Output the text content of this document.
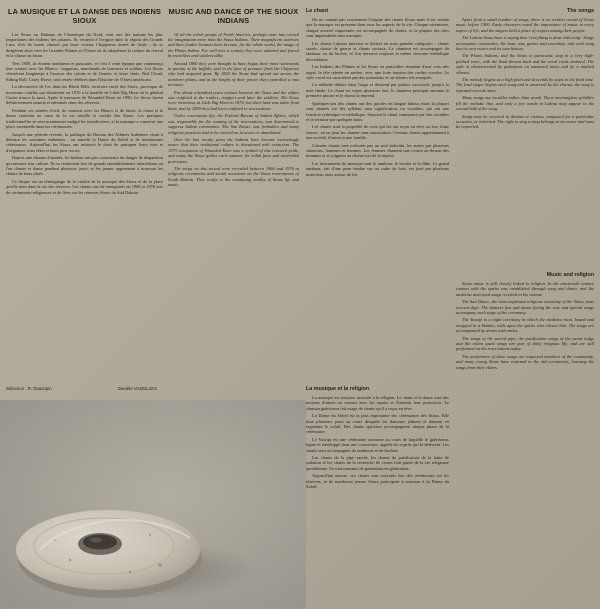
LA MUSIQUE ET LA DANSE DES INDIENS SIOUX

Les Sioux ou Dakotas de l'Amérique du Nord, sont une des nations les plus importantes des Indiens des plaines. Ils vivaient à l'origine dans la région des Grands Lacs, d'où ils furent chassés par leurs voisins Chippewas armés de fusils ; ils se dirigèrent alors vers les Grandes Plaines et l'Ouest où ils adoptèrent la culture du cheval et la chasse au bison.

Vers 1800, ils étaient nombreux et puissants, et c'est à cette époque que commença leur contact avec les Blancs : trappeurs, marchands de fourrures et soldats. Les Sioux résistèrent longtemps à l'avance des colons et de l'armée, et leurs chefs, Red Cloud, Sitting Bull, Crazy Horse, sont restés célèbres dans l'histoire de l'Ouest américain.

La découverte de l'or dans les Black Hills, territoire sacré des Sioux, provoqua de nouveaux conflits qui aboutirent en 1876 à la bataille de Little Big Horn où le général Custer trouva la mort. Après le massacre de Wounded Knee en 1890, les Sioux furent définitivement soumis et enfermés dans des réserves.

Pendant ces années d'exil, de contacts avec les Blancs et de luttes, le chant et la danse restèrent au cœur de la vie rituelle et sociale des Sioux. Les pratiques traditionnelles se sont maintenues malgré les interdictions, et la musique a conservé une place essentielle dans les cérémonies.

Jusqu'à une période récente, la politique du Bureau des Affaires Indiennes visait à détruire les coutumes indiennes ; on interdit la Danse du Soleil et de nombreuses cérémonies. Aujourd'hui les Sioux ont retrouvé le droit de pratiquer leurs rites et d'organiser leurs fêtes et leurs pow-wows.

Depuis une dizaine d'années, les Indiens ont pris conscience du danger de disparition qui menace leur culture. Ils se réunissent lors de grands rassemblements intertribaux où l'on chante et danse pendant plusieurs jours, et les jeunes apprennent à nouveau les chants de leurs aînés.

Ce disque est un témoignage de la vitalité de la musique des Sioux et de la place qu'elle tient dans la vie des réserves. Les chants ont été enregistrés en 1966 et 1976 lors de cérémonies religieuses et de fêtes sur les réserves Sioux du Sud Dakota.

Sélection : R. Dussopin	Danièle VAZEILLES
MUSIC AND DANCE OF THE SIOUX INDIANS

Of all the tribal groups of North America, perhaps none has excited the imagination more than the Sioux Indians. Their magnificent warriors and their feather bonnets have become, for the whole world, the image of the Plains Indian. For well over a century they were admired and feared by travellers and soldiers alike.

Around 1800 they were thought to have begun their move westwards in pursuit of the buffalo, and in the face of pressure from the Chippewa who had acquired guns. By 1825 the Sioux had spread out across the northern plains, and at the height of their power they controlled a vast territory.

For about a hundred years contact between the Sioux and the whites was confined to the traders, trappers and later the soldiers. The Sioux were victorious at Little Big Horn in 1876, but their land was taken from them, and by 1890 they had been confined to reservations.

Under reservation life, the Federal Bureau of Indian Affairs, which was responsible for the running of the reservations, was determined to suppress Indian ceremonies. The Sun Dance was forbidden and many religious practices had to be carried on in secret or abandoned.

Over the last twenty years the Indians have become increasingly aware that their traditional culture is threatened with extinction. The 1973 occupation of Wounded Knee was a symbol of this renewed pride, and today the Sioux gather each summer for tribal fairs and intertribal pow-wows.

The songs on this record were recorded between 1966 and 1976 at religious ceremonies and social occasions on the Sioux reservations of South Dakota. They testify to the continuing vitality of Sioux life and music.

Le chant

On ne connaît pas exactement l'origine des chants Sioux mais il est certain que la musique est présente dans tous les aspects de la vie. Chaque cérémonie, chaque activité importante est accompagnée de chants, et la plupart des rites sont impensables sans musique.

Les chants Lakotas peuvent se diviser en trois grandes catégories : chants sacrés, chants de guerre et chants sociaux. Le chanteur est accompagné du tambour ou du hochet, et l'on retrouve toujours la même structure mélodique descendante.

Les Indiens des Plaines et les Sioux en particulier chantent d'une voix très aiguë, la tête rejetée en arrière, avec une forte tension des cordes vocales. Le style vocal est caractérisé par des pulsations et un vibrato très marqués.

La mélodie débute dans l'aigu et descend par paliers successifs jusqu'à la note finale. Le chant est repris plusieurs fois, le chanteur principal entonne la première phrase et le chœur la reprend.

Quelques-uns des chants ont des paroles en langue lakota, mais la plupart sont chantés sur des syllabes sans signification, ou vocables, qui ont une fonction rythmique et mélodique. Souvent le chant commence par des vocables et se termine par quelques mots.

Les chants sont la propriété de ceux qui les ont reçus en rêve ou lors d'une vision ; on ne peut les chanter sans autorisation. Certains chants appartiennent à une société, d'autres à une famille.

Certains chants sont exécutés par un seul individu, les autres par plusieurs chanteurs, hommes et femmes. Les femmes chantent une octave au-dessus des hommes et se joignent au chœur lors de la reprise.

Les instruments de musique sont le tambour, le hochet et la flûte. Le grand tambour, fait d'une peau tendue sur un cadre de bois, est joué par plusieurs musiciens assis autour de lui.

La musique et la religion

La musique est toujours associée à la religion. Le chant et la danse sont des moyens d'entrer en contact avec les esprits et d'obtenir leur protection. Le chaman guérisseur fait usage de chants qu'il a reçus en rêve.

La Danse du Soleil est la plus importante des cérémonies des Sioux. Elle dure plusieurs jours au cours desquels les danseurs jeûnent et dansent en regardant le soleil. Des chants spéciaux accompagnent chaque phase de la cérémonie.

Le Yuwipi est une cérémonie nocturne au cours de laquelle le guérisseur, ligoté et enveloppé dans une couverture, appelle les esprits qui le délivrent. Les chants sont accompagnés de tambours et de hochets.

Les chants de la pipe sacrée, les chants de purification de la hutte de sudation et les chants de la recherche de vision font partie de la vie religieuse quotidienne. Ils sont transmis de génération en génération.

Aujourd'hui encore, ces chants sont exécutés lors des cérémonies sur les réserves, et de nombreux jeunes Sioux participent à nouveau à la Danse du Soleil.

The songs

Apart from a small number of songs, there is no written record of Sioux music before 1900. Early observers noted the importance of music in every aspect of life, and the singers held a place of respect among their people.

The Lakota Sioux have a saying that 'everything is done with song'. Songs accompany ceremonies, the hunt, war, games and courtship, and each song has its own owner and its own history.

The Plains Indians, and the Sioux in particular, sing in a very high-pitched voice, with the head thrown back and the vocal cords strained. The style is characterized by pulsations on sustained tones and by a marked vibrato.

The melody begins at a high pitch and descends by steps to the final tone. The lead singer begins each song and is answered by the chorus; the song is repeated several times.

Many songs use vocables rather than words. These meaningless syllables fill the melodic line, and only a few words in Lakota may appear in the second half of the song.

Songs may be received in dreams or visions, composed for a particular occasion, or inherited. The right to sing a song belongs to its owner and must be respected.

Music and religion

Sioux music is still closely linked to religion. In the nineteenth century contact with the spirits was established through song and dance, and the medicine man used songs received in his visions.

The Sun Dance, the most important religious ceremony of the Sioux, lasts several days. The dancers fast and dance facing the sun, and special songs accompany each stage of the ceremony.

The Yuwipi is a night ceremony in which the medicine man, bound and wrapped in a blanket, calls upon the spirits who release him. The songs are accompanied by drums and rattles.

The songs of the sacred pipe, the purification songs of the sweat lodge and the vision quest songs are part of daily religious life, and are still performed on the reservations today.

The performers of these songs are respected members of the community, and many young Sioux have returned to the old ceremonies, learning the songs from their elders.
